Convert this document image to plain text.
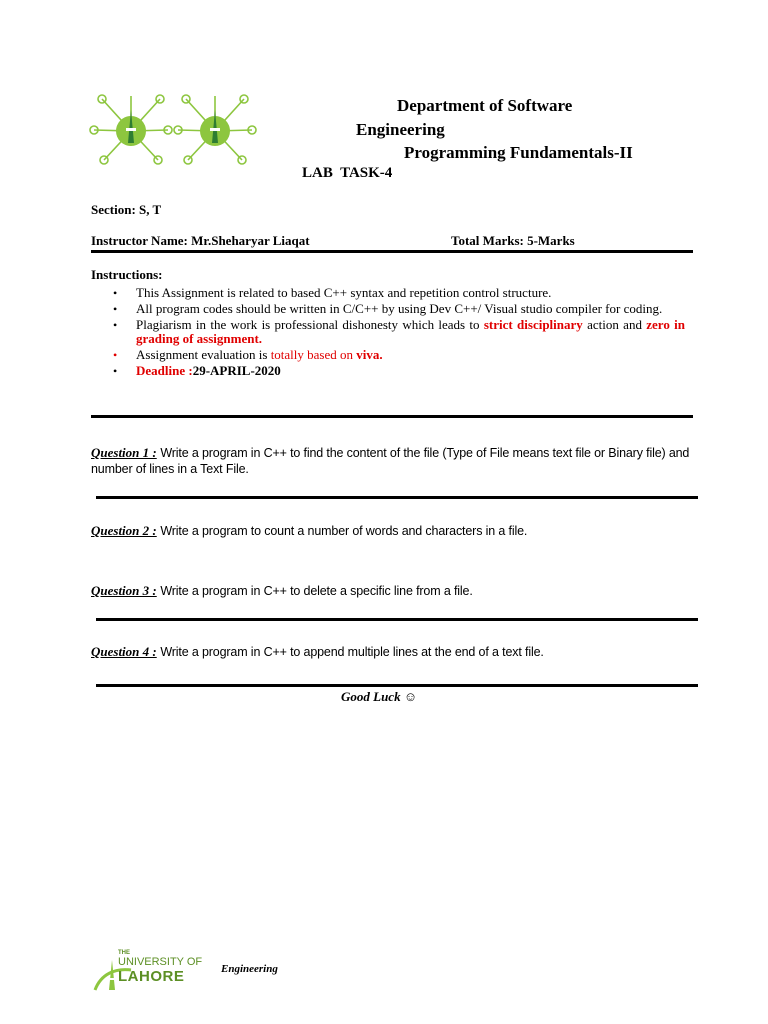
Department of Software
Engineering
Programming Fundamentals-II
LAB  TASK-4
Section: S, T
Instructor Name: Mr.Sheharyar Liaqat	Total Marks: 5-Marks
Instructions:
• This Assignment is related to based C++ syntax and repetition control structure.
• All program codes should be written in C/C++ by using Dev C++/ Visual studio compiler for coding.
• Plagiarism in the work is professional dishonesty which leads to strict disciplinary action and zero in grading of assignment.
• Assignment evaluation is totally based on viva.
• Deadline :29-APRIL-2020
Question 1 : Write a program in C++ to find the content of the file (Type of File means text file or Binary file) and number of lines in a Text File.
Question 2 : Write a program to count a number of words and characters in a file.
Question 3 : Write a program in C++ to delete a specific line from a file.
Question 4 : Write a program in C++ to append multiple lines at the end of a text file.
Good Luck ☺
THE
UNIVERSITY OF
LAHORE	Engineering
